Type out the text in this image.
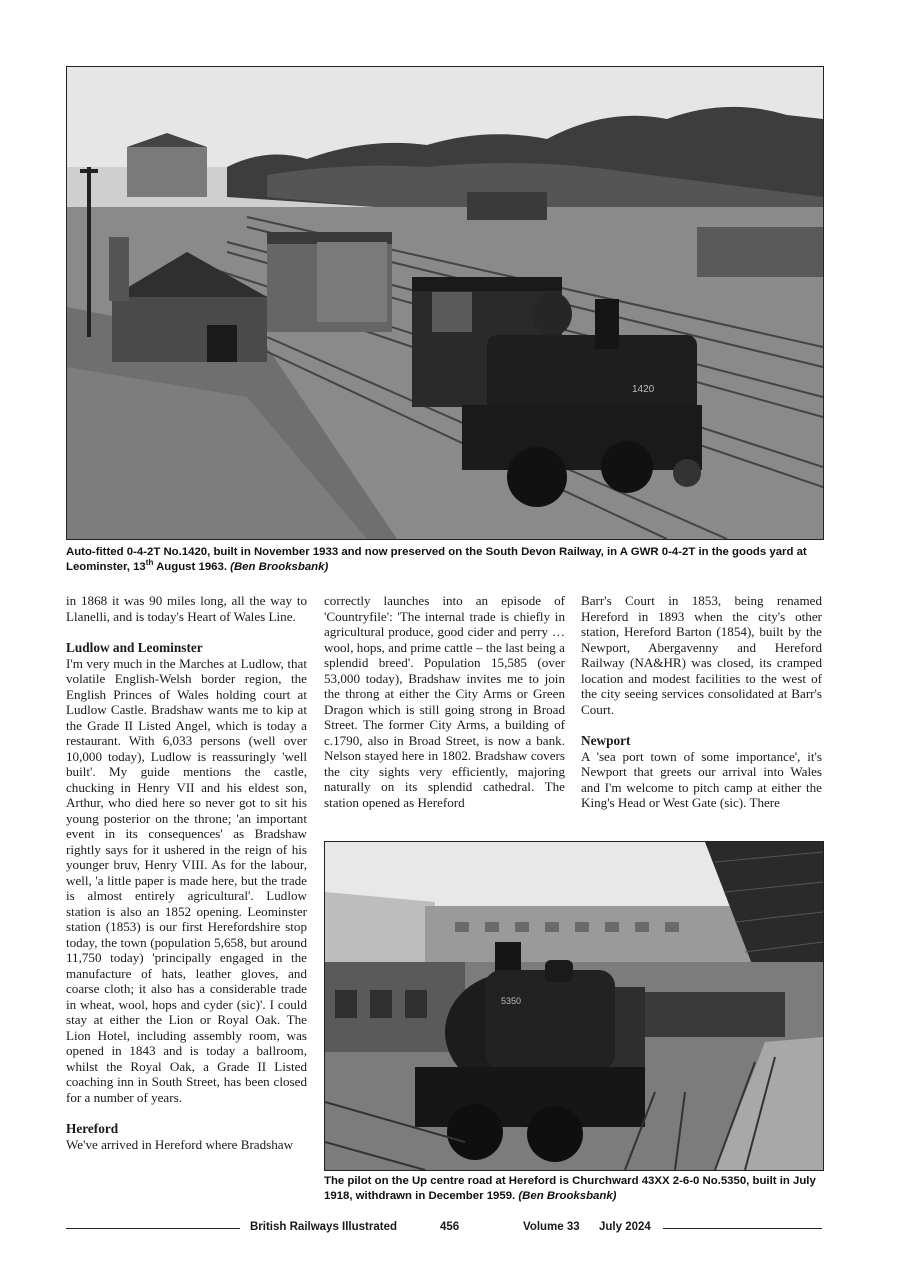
1420
Auto-fitted 0-4-2T No.1420, built in November 1933 and now preserved on the South Devon Railway, in A GWR 0-4-2T in the goods yard at Leominster, 13th August 1963. (Ben Brooksbank)

in 1868 it was 90 miles long, all the way to Llanelli, and is today's Heart of Wales Line.

Ludlow and Leominster

I'm very much in the Marches at Ludlow, that volatile English-Welsh border region, the English Princes of Wales holding court at Ludlow Castle. Bradshaw wants me to kip at the Grade II Listed Angel, which is today a restaurant. With 6,033 persons (well over 10,000 today), Ludlow is reassuringly 'well built'. My guide mentions the castle, chucking in Henry VII and his eldest son, Arthur, who died here so never got to sit his young posterior on the throne; 'an important event in its consequences' as Bradshaw rightly says for it ushered in the reign of his younger bruv, Henry VIII. As for the labour, well, 'a little paper is made here, but the trade is almost entirely agricultural'. Ludlow station is also an 1852 opening. Leominster station (1853) is our first Herefordshire stop today, the town (population 5,658, but around 11,750 today) 'principally engaged in the manufacture of hats, leather gloves, and coarse cloth; it also has a considerable trade in wheat, wool, hops and cyder (sic)'. I could stay at either the Lion or Royal Oak. The Lion Hotel, including assembly room, was opened in 1843 and is today a ballroom, whilst the Royal Oak, a Grade II Listed coaching inn in South Street, has been closed for a number of years.

Hereford

We've arrived in Hereford where Bradshaw

correctly launches into an episode of 'Countryfile': 'The internal trade is chiefly in agricultural produce, good cider and perry … wool, hops, and prime cattle – the last being a splendid breed'. Population 15,585 (over 53,000 today), Bradshaw invites me to join the throng at either the City Arms or Green Dragon which is still going strong in Broad Street. The former City Arms, a building of c.1790, also in Broad Street, is now a bank. Nelson stayed here in 1802. Bradshaw covers the city sights very efficiently, majoring naturally on its splendid cathedral. The station opened as Hereford

Barr's Court in 1853, being renamed Hereford in 1893 when the city's other station, Hereford Barton (1854), built by the Newport, Abergavenny and Hereford Railway (NA&HR) was closed, its cramped location and modest facilities to the west of the city seeing services consolidated at Barr's Court.

Newport

A 'sea port town of some importance', it's Newport that greets our arrival into Wales and I'm welcome to pitch camp at either the King's Head or West Gate (sic). There

5350
The pilot on the Up centre road at Hereford is Churchward 43XX 2-6-0 No.5350, built in July 1918, withdrawn in December 1959. (Ben Brooksbank)
British Railways Illustrated	456	Volume 33 July 2024
